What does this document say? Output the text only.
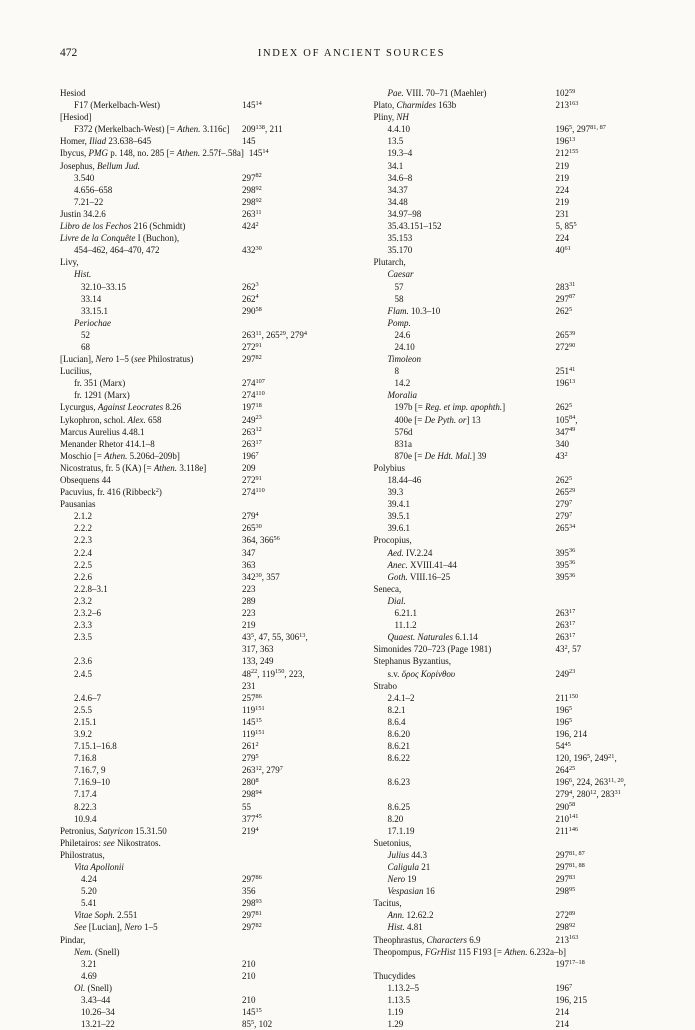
472	INDEX OF ANCIENT SOURCES
Hesiod
F17 (Merkelbach-West)	$145^{14}$
[Hesiod]
F372 (Merkelbach-West) [= Athen. 3.116c]	$209^{138}$, 211
Homer, Iliad 23.638–645	145
Ibycus, PMG p. 148, no. 285 [= Athen. 2.57f–.58a] $145^{14}$
Josephus, Bellum Jud.
3.540	$297^{82}$
4.656–658	$298^{92}$
7.21–22	$298^{92}$
Justin 34.2.6	$263^{11}$
Libro de los Fechos 216 (Schmidt)	$424^2$
Livre de la Conquête I (Buchon),
454–462, 464–470, 472	$432^{30}$
Livy,
Hist.
32.10–33.15	$262^3$
33.14	$262^4$
33.15.1	$290^{58}$
Periochae
52	$263^{11}$, $265^{29}$, $279^4$
68	$272^{91}$
[Lucian], Nero 1–5 (see Philostratus)	$297^{82}$
Lucilius,
fr. 351 (Marx)	$274^{107}$
fr. 1291 (Marx)	$274^{110}$
Lycurgus, Against Leocrates 8.26	$197^{18}$
Lykophron, schol. Alex. 658	$249^{23}$
Marcus Aurelius 4.48.1	$263^{12}$
Menander Rhetor 414.1–8	$263^{17}$
Moschio [= Athen. 5.206d–209b]	$196^7$
Nicostratus, fr. 5 (KA) [= Athen. 3.118e]	209
Obsequens 44	$272^{91}$
Pacuvius, fr. 416 (Ribbeck$^2$)	$274^{110}$
Pausanias
2.1.2	$279^4$
2.2.2	$265^{30}$
2.2.3	364, $366^{56}$
2.2.4	347
2.2.5	363
2.2.6	$342^{30}$, 357
2.2.8–3.1	223
2.3.2	289
2.3.2–6	223
2.3.3	219
2.3.5	$43^5$, 47, 55, $306^{13}$,
317, 363
2.3.6	133, 249
2.4.5	$48^{22}$, $119^{150}$, 223,
231
2.4.6–7	$257^{86}$
2.5.5	$119^{151}$
2.15.1	$145^{15}$
3.9.2	$119^{151}$
7.15.1–16.8	$261^2$
7.16.8	$279^5$
7.16.7, 9	$263^{12}$, $279^7$
7.16.9–10	$280^8$
7.17.4	$298^{94}$
8.22.3	55
10.9.4	$377^{45}$
Petronius, Satyricon 15.31.50	$219^4$
Philetairos: see Nikostratos.
Philostratus,
Vita Apollonii
4.24	$297^{86}$
5.20	356
5.41	$298^{93}$
Vitae Soph. 2.551	$297^{81}$
See [Lucian], Nero 1–5	$297^{82}$
Pindar,
Nem. (Snell)
3.21	210
4.69	210
Ol. (Snell)
3.43–44	210
10.26–34	$145^{15}$
13.21–22	$85^5$, 102
Pae. VIII. 70–71 (Maehler)	$102^{59}$
Plato, Charmides 163b	$213^{163}$
Pliny, NH
4.4.10	$196^5$, 297$^{81, 87}$
13.5	$196^{13}$
19.3–4	$212^{155}$
34.1	219
34.6–8	219
34.37	224
34.48	219
34.97–98	231
35.43.151–152	5, $85^5$
35.153	224
35.170	$40^{61}$
Plutarch,
Caesar
57	$283^{31}$
58	$297^{87}$
Flam. 10.3–10	$262^5$
Pomp.
24.6	$265^{39}$
24.10	$272^{90}$
Timoleon
8	$251^{41}$
14.2	$196^{13}$
Moralia
197b [= Reg. et imp. apophth.]	$262^5$
400e [= De Pyth. or] 13	$105^{84}$,
576d	$347^{49}$
831a	340
870e [= De Hdt. Mal.] 39	$43^2$
Polybius
18.44–46	$262^5$
39.3	$265^{29}$
39.4.1	$279^7$
39.5.1	$279^7$
39.6.1	$265^{34}$
Procopius,
Aed. IV.2.24	$395^{36}$
Anec. XVIII.41–44	$395^{36}$
Goth. VIII.16–25	$395^{36}$
Seneca,
Dial.
6.21.1	$263^{17}$
11.1.2	$263^{17}$
Quaest. Naturales 6.1.14	$263^{17}$
Simonides 720–723 (Page 1981)	$43^2$, 57
Stephanus Byzantius,
s.v. ὅρος Κορίνθου	$249^{23}$
Strabo
2.4.1–2	$211^{150}$
8.2.1	$196^5$
8.6.4	$196^5$
8.6.20	196, 214
8.6.21	$54^{45}$
8.6.22	120, $196^5$, $249^{21}$,
$264^{25}$
8.6.23	$196^6$, 224, 263$^{11, 20}$,
$279^4$, $280^{12}$, $283^{31}$
8.6.25	$290^{58}$
8.20	$210^{141}$
17.1.19	$211^{146}$
Suetonius,
Julius 44.3	297$^{81, 87}$
Caligula 21	297$^{81, 88}$
Nero 19	$297^{83}$
Vespasian 16	$298^{95}$
Tacitus,
Ann. 12.62.2	$272^{89}$
Hist. 4.81	$298^{92}$
Theophrastus, Characters 6.9	$213^{163}$
Theopompus, FGrHist 115 F193 [= Athen. 6.232a–b]
197$^{17-18}$
Thucydides
1.13.2–5	$196^7$
1.13.5	196, 215
1.19	214
1.29	214
